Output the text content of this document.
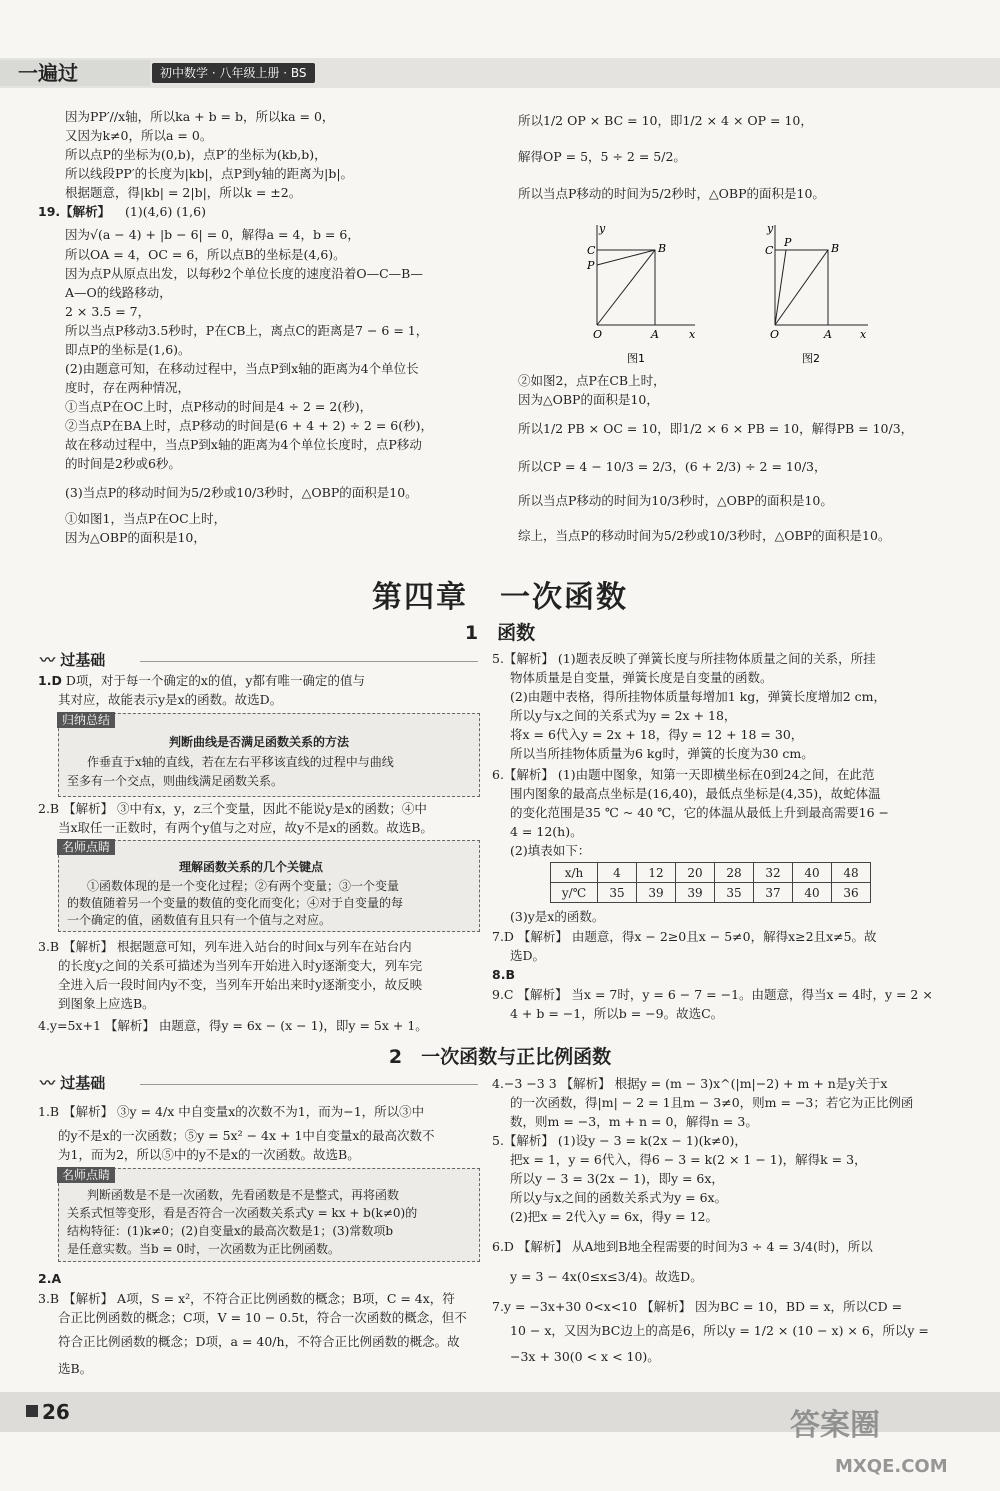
一遍过	初中数学 · 八年级上册 · BS
因为PP′//x轴，所以ka + b = b，所以ka = 0，
又因为k≠0，所以a = 0。
所以点P的坐标为(0,b)，点P′的坐标为(kb,b)，
所以线段PP′的长度为|kb|，点P到y轴的距离为|b|。
根据题意，得|kb| = 2|b|，所以k = ±2。
19.【解析】 (1)(4,6) (1,6)
因为√(a − 4) + |b − 6| = 0，解得a = 4，b = 6，
所以OA = 4，OC = 6，所以点B的坐标是(4,6)。
因为点P从原点出发，以每秒2个单位长度的速度沿着O—C—B—
A—O的线路移动，
2 × 3.5 = 7，
所以当点P移动3.5秒时，P在CB上，离点C的距离是7 − 6 = 1，
即点P的坐标是(1,6)。
(2)由题意可知，在移动过程中，当点P到x轴的距离为4个单位长
度时，存在两种情况，
①当点P在OC上时，点P移动的时间是4 ÷ 2 = 2(秒)，
②当点P在BA上时，点P移动的时间是(6 + 4 + 2) ÷ 2 = 6(秒)，
故在移动过程中，当点P到x轴的距离为4个单位长度时，点P移动
的时间是2秒或6秒。
(3)当点P的移动时间为5/2秒或10/3秒时，△OBP的面积是10。
①如图1，当点P在OC上时，
因为△OBP的面积是10，
所以1/2 OP × BC = 10，即1/2 × 4 × OP = 10，
解得OP = 5，5 ÷ 2 = 5/2。
所以当点P移动的时间为5/2秒时，△OBP的面积是10。
y
x
O	A
B
C
P
图1
y
x
O	A
B
C
P
图2
②如图2，点P在CB上时，
因为△OBP的面积是10，
所以1/2 PB × OC = 10，即1/2 × 6 × PB = 10，解得PB = 10/3，
所以CP = 4 − 10/3 = 2/3，(6 + 2/3) ÷ 2 = 10/3，
所以当点P移动的时间为10/3秒时，△OBP的面积是10。
综上，当点P的移动时间为5/2秒或10/3秒时，△OBP的面积是10。
第四章　一次函数
1　函数
〰 过基础
1.D D项，对于每一个确定的x的值，y都有唯一确定的值与
其对应，故能表示y是x的函数。故选D。
归纳总结
判断曲线是否满足函数关系的方法
作垂直于x轴的直线，若在左右平移该直线的过程中与曲线
至多有一个交点，则曲线满足函数关系。
2.B 【解析】 ③中有x，y，z三个变量，因此不能说y是x的函数；④中
当x取任一正数时，有两个y值与之对应，故y不是x的函数。故选B。
名师点睛
理解函数关系的几个关键点
①函数体现的是一个变化过程；②有两个变量；③一个变量
的数值随着另一个变量的数值的变化而变化；④对于自变量的每
一个确定的值，函数值有且只有一个值与之对应。
3.B 【解析】 根据题意可知，列车进入站台的时间x与列车在站台内
的长度y之间的关系可描述为当列车开始进入时y逐渐变大，列车完
全进入后一段时间内y不变，当列车开始出来时y逐渐变小，故反映
到图象上应选B。
4.y=5x+1 【解析】 由题意，得y = 6x − (x − 1)，即y = 5x + 1。
5.【解析】 (1)题表反映了弹簧长度与所挂物体质量之间的关系，所挂
物体质量是自变量，弹簧长度是自变量的函数。
(2)由题中表格，得所挂物体质量每增加1 kg，弹簧长度增加2 cm，
所以y与x之间的关系式为y = 2x + 18，
将x = 6代入y = 2x + 18，得y = 12 + 18 = 30，
所以当所挂物体质量为6 kg时，弹簧的长度为30 cm。
6.【解析】 (1)由题中图象，知第一天即横坐标在0到24之间，在此范
围内图象的最高点坐标是(16,40)，最低点坐标是(4,35)，故蛇体温
的变化范围是35 ℃ ~ 40 ℃，它的体温从最低上升到最高需要16 −
4 = 12(h)。
(2)填表如下：
x/h	4	12	20	28	32	40	48
y/℃	35	39	39	35	37	40	36
(3)y是x的函数。
7.D 【解析】 由题意，得x − 2≥0且x − 5≠0，解得x≥2且x≠5。故
选D。
8.B
9.C 【解析】 当x = 7时，y = 6 − 7 = −1。由题意，得当x = 4时，y = 2 ×
4 + b = −1，所以b = −9。故选C。
2　一次函数与正比例函数
〰 过基础
1.B 【解析】 ③y = 4/x 中自变量x的次数不为1，而为−1，所以③中
的y不是x的一次函数；⑤y = 5x² − 4x + 1中自变量x的最高次数不
为1，而为2，所以⑤中的y不是x的一次函数。故选B。
名师点睛
判断函数是不是一次函数，先看函数是不是整式，再将函数
关系式恒等变形，看是否符合一次函数关系式y = kx + b(k≠0)的
结构特征：(1)k≠0；(2)自变量x的最高次数是1；(3)常数项b
是任意实数。当b = 0时，一次函数为正比例函数。
2.A
3.B 【解析】 A项，S = x²，不符合正比例函数的概念；B项，C = 4x，符
合正比例函数的概念；C项，V = 10 − 0.5t，符合一次函数的概念，但不
符合正比例函数的概念；D项，a = 40/h，不符合正比例函数的概念。故
选B。
4.−3 −3 3 【解析】 根据y = (m − 3)x^(|m|−2) + m + n是y关于x
的一次函数，得|m| − 2 = 1且m − 3≠0，则m = −3；若它为正比例函
数，则m = −3，m + n = 0，解得n = 3。
5.【解析】 (1)设y − 3 = k(2x − 1)(k≠0)，
把x = 1，y = 6代入，得6 − 3 = k(2 × 1 − 1)，解得k = 3，
所以y − 3 = 3(2x − 1)，即y = 6x，
所以y与x之间的函数关系式为y = 6x。
(2)把x = 2代入y = 6x，得y = 12。
6.D 【解析】 从A地到B地全程需要的时间为3 ÷ 4 = 3/4(时)，所以
y = 3 − 4x(0≤x≤3/4)。故选D。
7.y = −3x+30 0<x<10 【解析】 因为BC = 10，BD = x，所以CD =
10 − x，又因为BC边上的高是6，所以y = 1/2 × (10 − x) × 6，所以y =
−3x + 30(0 < x < 10)。
26	答案圈
MXQE.COM
